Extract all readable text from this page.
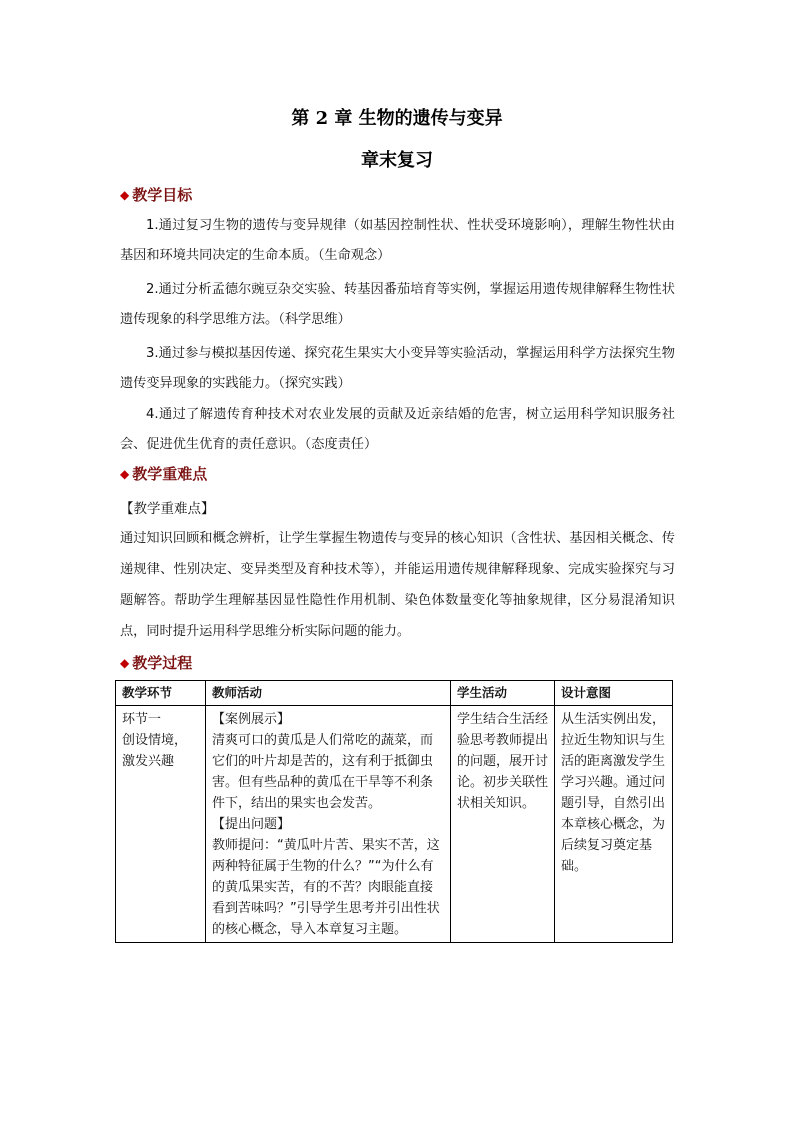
第 2 章 生物的遗传与变异
章末复习
◆ 教学目标

1.通过复习生物的遗传与变异规律（如基因控制性状、性状受环境影响），理解生物性状由基因和环境共同决定的生命本质。（生命观念）

2.通过分析孟德尔豌豆杂交实验、转基因番茄培育等实例，掌握运用遗传规律解释生物性状遗传现象的科学思维方法。（科学思维）

3.通过参与模拟基因传递、探究花生果实大小变异等实验活动，掌握运用科学方法探究生物遗传变异现象的实践能力。（探究实践）

4.通过了解遗传育种技术对农业发展的贡献及近亲结婚的危害，树立运用科学知识服务社会、促进优生优育的责任意识。（态度责任）

◆ 教学重难点
【教学重难点】

通过知识回顾和概念辨析，让学生掌握生物遗传与变异的核心知识（含性状、基因相关概念、传递规律、性别决定、变异类型及育种技术等），并能运用遗传规律解释现象、完成实验探究与习题解答。帮助学生理解基因显性隐性作用机制、染色体数量变化等抽象规律，区分易混淆知识点，同时提升运用科学思维分析实际问题的能力。

◆ 教学过程
教学环节	教师活动	学生活动	设计意图

环节一
创设情境，
激发兴趣	【案例展示】
清爽可口的黄瓜是人们常吃的蔬菜，而它们的叶片却是苦的，这有利于抵御虫害。但有些品种的黄瓜在干旱等不利条件下，结出的果实也会发苦。
【提出问题】
教师提问：“黄瓜叶片苦、果实不苦，这两种特征属于生物的什么？”“为什么有的黄瓜果实苦，有的不苦？肉眼能直接看到苦味吗？”引导学生思考并引出性状的核心概念，导入本章复习主题。	学生结合生活经验思考教师提出的问题，展开讨论。初步关联性状相关知识。	从生活实例出发，拉近生物知识与生活的距离激发学生学习兴趣。通过问题引导，自然引出本章核心概念，为后续复习奠定基础。
